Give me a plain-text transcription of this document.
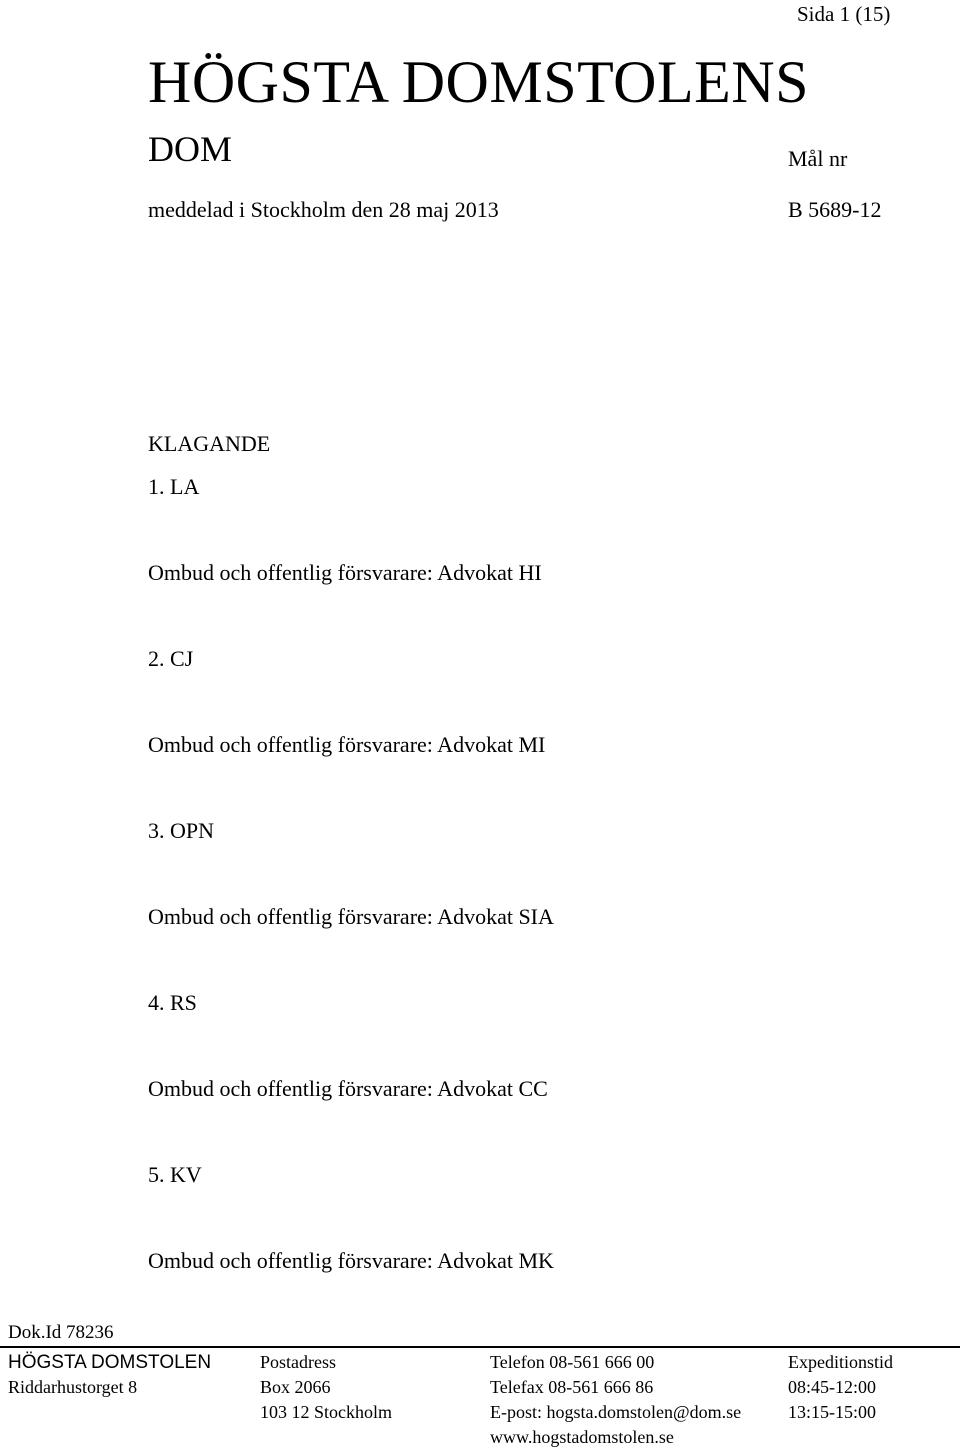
Sida 1 (15)
HÖGSTA DOMSTOLENS
DOM	Mål nr
meddelad i Stockholm den 28 maj 2013	B 5689-12
KLAGANDE
1. LA
Ombud och offentlig försvarare: Advokat HI
2. CJ
Ombud och offentlig försvarare: Advokat MI
3. OPN
Ombud och offentlig försvarare: Advokat SIA
4. RS
Ombud och offentlig försvarare: Advokat CC
5. KV
Ombud och offentlig försvarare: Advokat MK
Dok.Id 78236
HÖGSTA DOMSTOLEN
Riddarhustorget 8
Postadress
Box 2066
103 12 Stockholm
Telefon 08-561 666 00
Telefax 08-561 666 86
E-post: hogsta.domstolen@dom.se
www.hogstadomstolen.se
Expeditionstid
08:45-12:00
13:15-15:00
